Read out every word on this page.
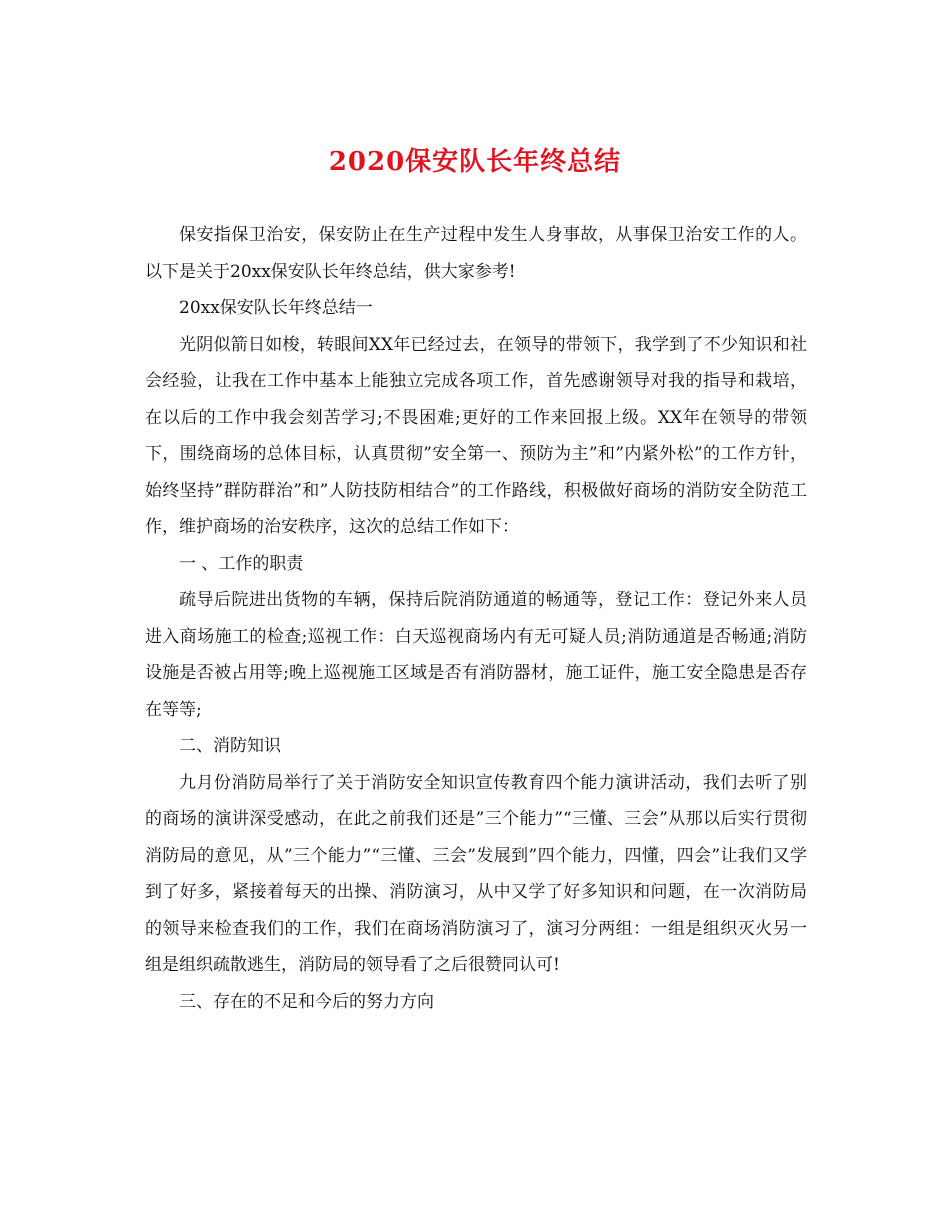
2020保安队长年终总结

保安指保卫治安，保安防止在生产过程中发生人身事故，从事保卫治安工作的人。以下是关于20xx保安队长年终总结，供大家参考!

20xx保安队长年终总结一

光阴似箭日如梭，转眼间XX年已经过去，在领导的带领下，我学到了不少知识和社会经验，让我在工作中基本上能独立完成各项工作，首先感谢领导对我的指导和栽培，在以后的工作中我会刻苦学习;不畏困难;更好的工作来回报上级。XX年在领导的带领下，围绕商场的总体目标，认真贯彻”安全第一、预防为主”和”内紧外松”的工作方针，始终坚持”群防群治”和”人防技防相结合”的工作路线，积极做好商场的消防安全防范工作，维护商场的治安秩序，这次的总结工作如下：

一 、工作的职责

疏导后院进出货物的车辆，保持后院消防通道的畅通等，登记工作：登记外来人员进入商场施工的检查;巡视工作：白天巡视商场内有无可疑人员;消防通道是否畅通;消防设施是否被占用等;晚上巡视施工区域是否有消防器材，施工证件，施工安全隐患是否存在等等;

二、消防知识

九月份消防局举行了关于消防安全知识宣传教育四个能力演讲活动，我们去听了别的商场的演讲深受感动，在此之前我们还是”三个能力”“三懂、三会”从那以后实行贯彻消防局的意见，从”三个能力”“三懂、三会”发展到”四个能力，四懂，四会”让我们又学到了好多，紧接着每天的出操、消防演习，从中又学了好多知识和问题，在一次消防局的领导来检查我们的工作，我们在商场消防演习了，演习分两组：一组是组织灭火另一组是组织疏散逃生，消防局的领导看了之后很赞同认可!

三、存在的不足和今后的努力方向
